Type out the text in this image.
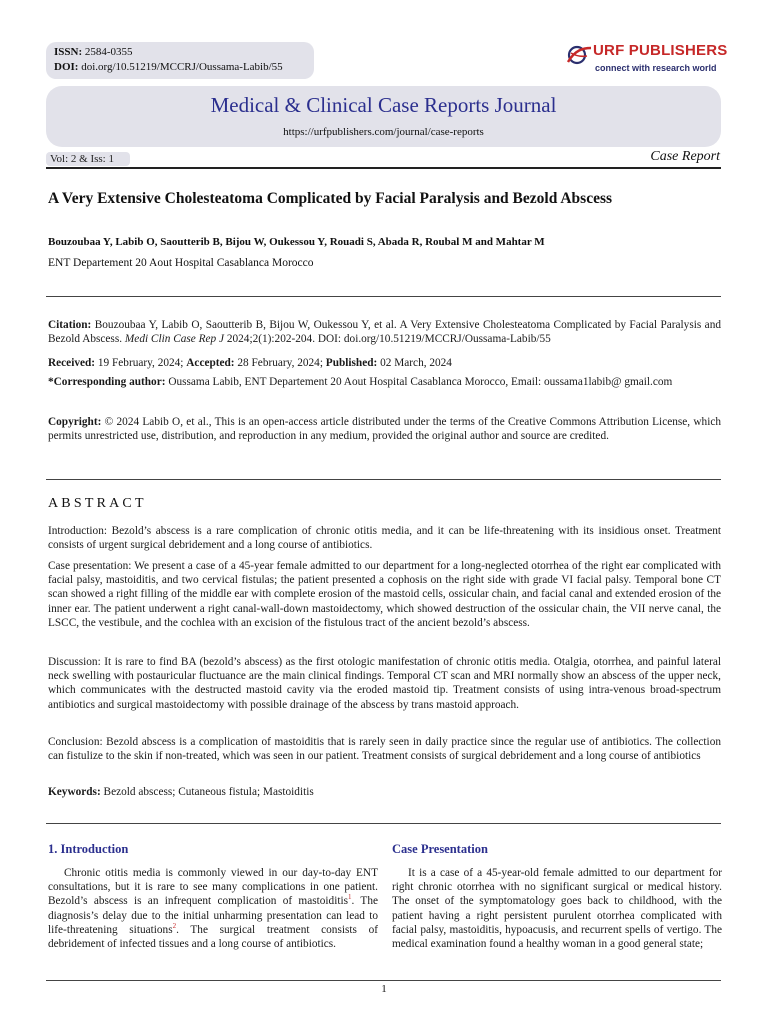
ISSN: 2584-0355
DOI: doi.org/10.51219/MCCRJ/Oussama-Labib/55
URF PUBLISHERS
connect with research world
Medical & Clinical Case Reports Journal
https://urfpublishers.com/journal/case-reports
Vol: 2 & Iss: 1	Case Report
A Very Extensive Cholesteatoma Complicated by Facial Paralysis and Bezold Abscess
Bouzoubaa Y, Labib O, Saoutterib B, Bijou W, Oukessou Y, Rouadi S, Abada R, Roubal M and Mahtar M
ENT Departement 20 Aout Hospital Casablanca Morocco
Citation: Bouzoubaa Y, Labib O, Saoutterib B, Bijou W, Oukessou Y, et al. A Very Extensive Cholesteatoma Complicated by Facial Paralysis and Bezold Abscess. Medi Clin Case Rep J 2024;2(1):202-204. DOI: doi.org/10.51219/MCCRJ/Oussama-Labib/55
Received: 19 February, 2024; Accepted: 28 February, 2024; Published: 02 March, 2024
*Corresponding author: Oussama Labib, ENT Departement 20 Aout Hospital Casablanca Morocco, Email: oussama1labib@ gmail.com
Copyright: © 2024 Labib O, et al., This is an open-access article distributed under the terms of the Creative Commons Attribution License, which permits unrestricted use, distribution, and reproduction in any medium, provided the original author and source are credited.
ABSTRACT
Introduction: Bezold’s abscess is a rare complication of chronic otitis media, and it can be life-threatening with its insidious onset. Treatment consists of urgent surgical debridement and a long course of antibiotics.
Case presentation: We present a case of a 45-year female admitted to our department for a long-neglected otorrhea of the right ear complicated with facial palsy, mastoiditis, and two cervical fistulas; the patient presented a cophosis on the right side with grade VI facial palsy. Temporal bone CT scan showed a right filling of the middle ear with complete erosion of the mastoid cells, ossicular chain, and facial canal and extended erosion of the inner ear. The patient underwent a right canal-wall-down mastoidectomy, which showed destruction of the ossicular chain, the VII nerve canal, the LSCC, the vestibule, and the cochlea with an excision of the fistulous tract of the ancient bezold’s abscess.
Discussion: It is rare to find BA (bezold’s abscess) as the first otologic manifestation of chronic otitis media. Otalgia, otorrhea, and painful lateral neck swelling with postauricular fluctuance are the main clinical findings. Temporal CT scan and MRI normally show an abscess of the upper neck, which communicates with the destructed mastoid cavity via the eroded mastoid tip. Treatment consists of using intra-venous broad-spectrum antibiotics and surgical mastoidectomy with possible drainage of the abscess by trans mastoid approach.
Conclusion: Bezold abscess is a complication of mastoiditis that is rarely seen in daily practice since the regular use of antibiotics. The collection can fistulize to the skin if non-treated, which was seen in our patient. Treatment consists of surgical debridement and a long course of antibiotics
Keywords: Bezold abscess; Cutaneous fistula; Mastoiditis
1. Introduction
Chronic otitis media is commonly viewed in our day-to-day ENT consultations, but it is rare to see many complications in one patient. Bezold’s abscess is an infrequent complication of mastoiditis$^1$. The diagnosis’s delay due to the initial unharming presentation can lead to life-threatening situations$^2$. The surgical treatment consists of debridement of infected tissues and a long course of antibiotics.
Case Presentation
It is a case of a 45-year-old female admitted to our department for right chronic otorrhea with no significant surgical or medical history. The onset of the symptomatology goes back to childhood, with the patient having a right persistent purulent otorrhea complicated with facial palsy, mastoiditis, hypoacusis, and recurrent spells of vertigo. The medical examination found a healthy woman in a good general state;
1
